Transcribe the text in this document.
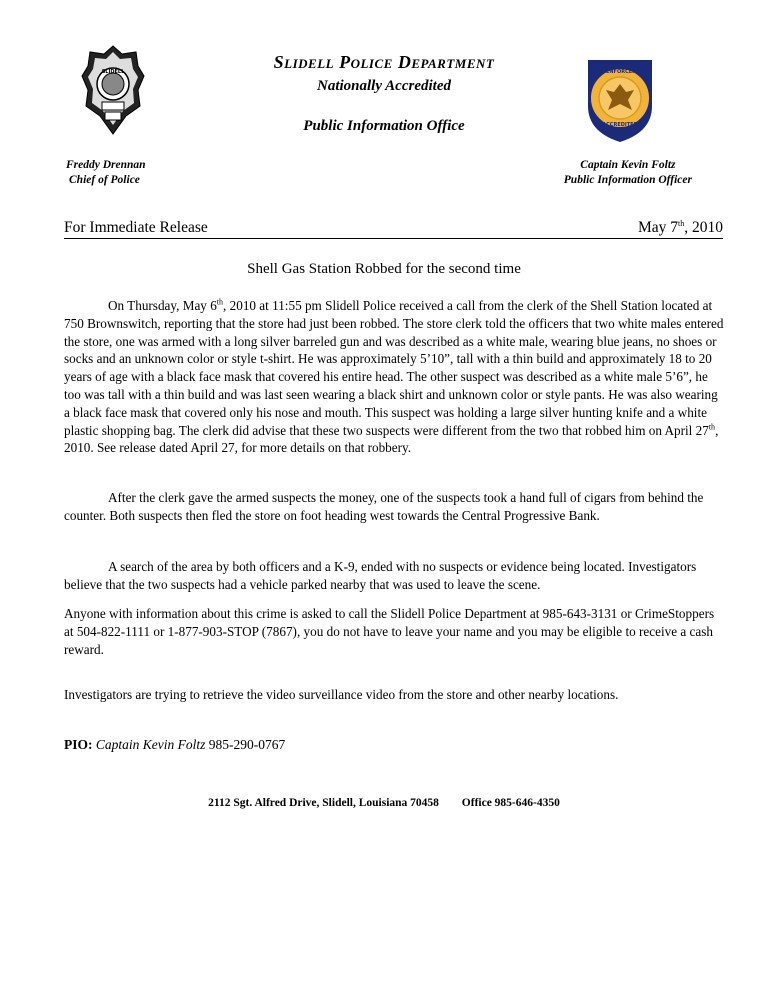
SLIDELL	LAW ENFORCEMENT
ACCREDITED
Slidell Police Department
Nationally Accredited
Public Information Office
Freddy Drennan
Chief of Police
Captain Kevin Foltz
Public Information Officer
For Immediate Release	May 7th, 2010
Shell Gas Station Robbed for the second time
On Thursday, May 6th, 2010 at 11:55 pm Slidell Police received a call from the clerk of the Shell Station located at 750 Brownswitch, reporting that the store had just been robbed. The store clerk told the officers that two white males entered the store, one was armed with a long silver barreled gun and was described as a white male, wearing blue jeans, no shoes or socks and an unknown color or style t-shirt. He was approximately 5’10”, tall with a thin build and approximately 18 to 20 years of age with a black face mask that covered his entire head. The other suspect was described as a white male 5’6”, he too was tall with a thin build and was last seen wearing a black shirt and unknown color or style pants. He was also wearing a black face mask that covered only his nose and mouth. This suspect was holding a large silver hunting knife and a white plastic shopping bag. The clerk did advise that these two suspects were different from the two that robbed him on April 27th, 2010. See release dated April 27, for more details on that robbery.
After the clerk gave the armed suspects the money, one of the suspects took a hand full of cigars from behind the counter. Both suspects then fled the store on foot heading west towards the Central Progressive Bank.
A search of the area by both officers and a K-9, ended with no suspects or evidence being located. Investigators believe that the two suspects had a vehicle parked nearby that was used to leave the scene.
Anyone with information about this crime is asked to call the Slidell Police Department at 985-643-3131 or CrimeStoppers at 504-822-1111 or 1-877-903-STOP (7867), you do not have to leave your name and you may be eligible to receive a cash reward.
Investigators are trying to retrieve the video surveillance video from the store and other nearby locations.
PIO: Captain Kevin Foltz 985-290-0767
2112 Sgt. Alfred Drive, Slidell, Louisiana 70458 Office 985-646-4350
